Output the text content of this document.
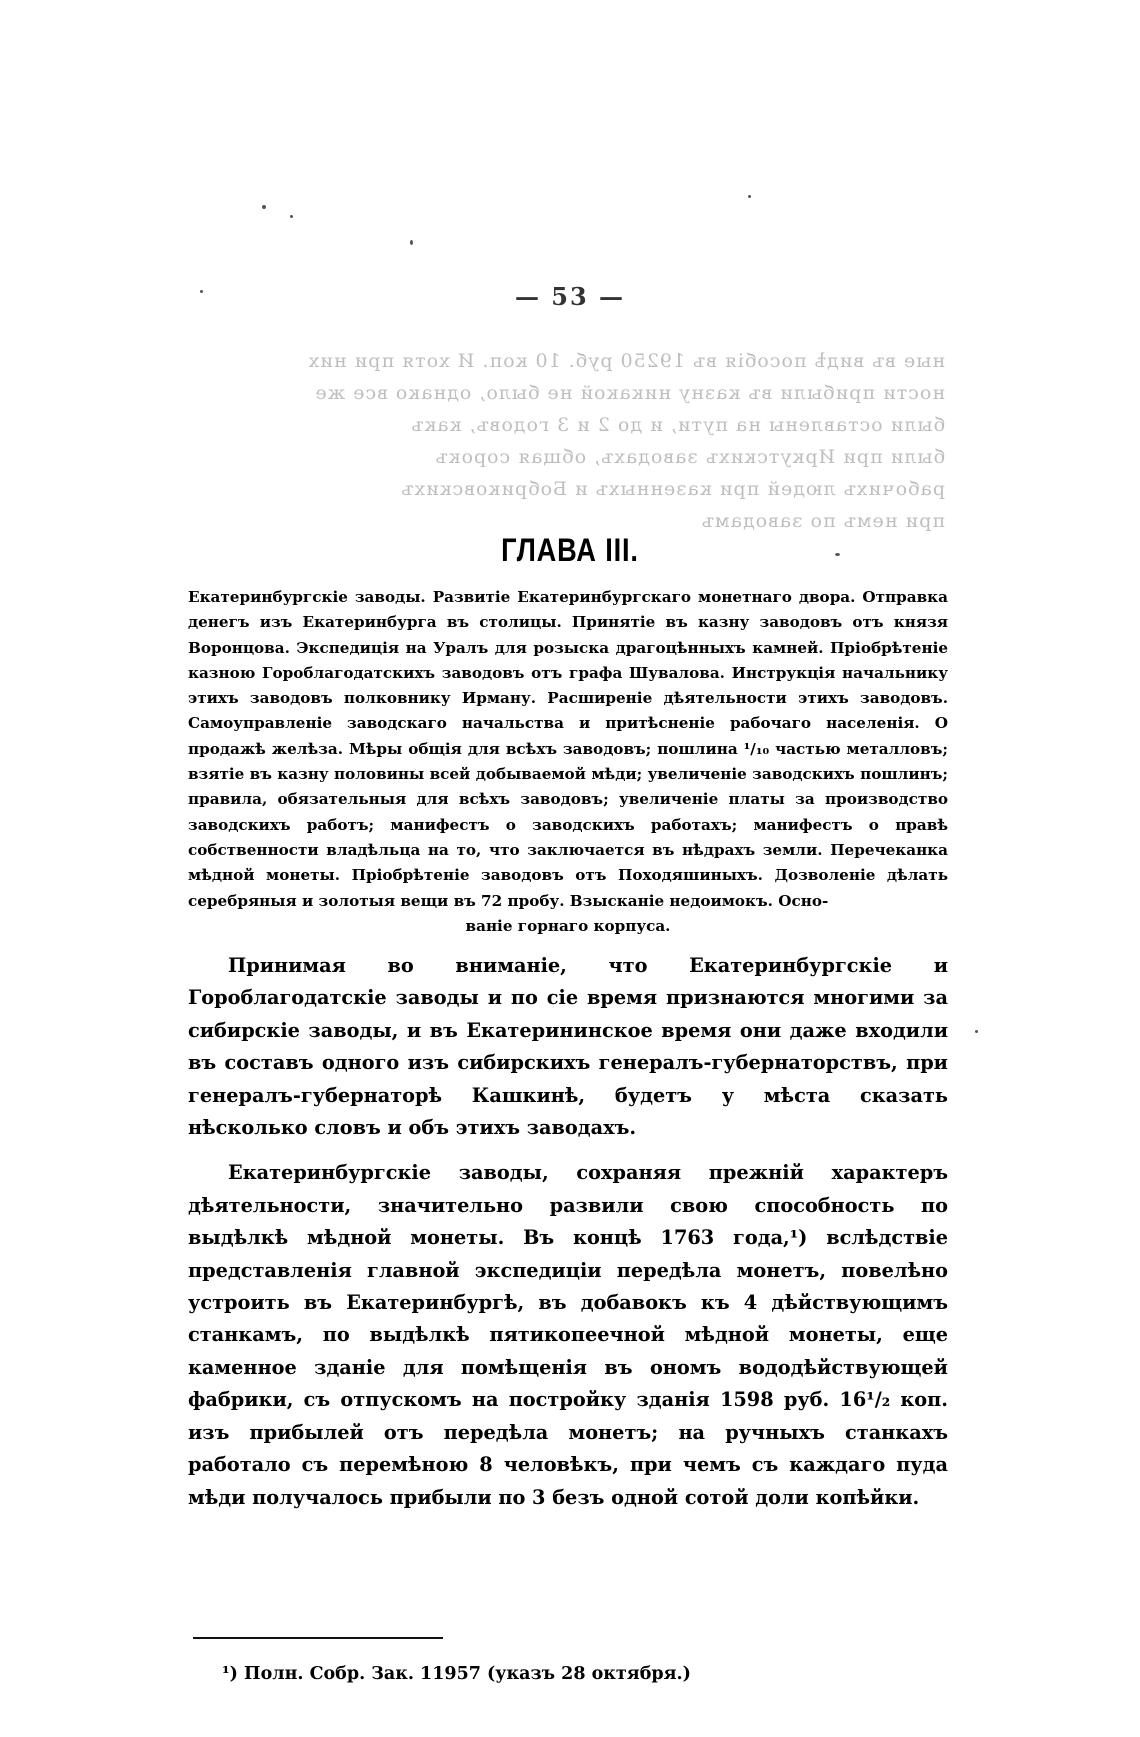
ные въ видѣ пособія въ 19250 руб. 10 коп. И хотя при них

ности прибыли въ казну никакой не было, однако все же

были оставлены на пути, и до 2 и 3 годовъ, какъ

были при Иркутскихъ заводахъ, общая сорокъ

рабочихъ людей при казенныхъ и Бобриковскихъ

при немъ по заводамъ

— 53 —
ГЛАВА III.
Екатеринбургскіе заводы. Развитіе Екатеринбургскаго монетнаго двора. Отправка денегъ изъ Екатеринбурга въ столицы. Принятіе въ казну заводовъ отъ князя Воронцова. Экспедиція на Уралъ для розыска драгоцѣнныхъ камней. Пріобрѣтеніе казною Гороблагодатскихъ заводовъ отъ графа Шувалова. Инструкція начальнику этихъ заводовъ полковнику Ирману. Расширеніе дѣятельности этихъ заводовъ. Самоуправленіе заводскаго начальства и притѣсненіе рабочаго населенія. О продажѣ желѣза. Мѣры общія для всѣхъ заводовъ; пошлина ¹/₁₀ частью металловъ; взятіе въ казну половины всей добываемой мѣди; увеличеніе заводскихъ пошлинъ; правила, обязательныя для всѣхъ заводовъ; увеличеніе платы за производство заводскихъ работъ; манифестъ о заводскихъ работахъ; манифестъ о правѣ собственности владѣльца на то, что заключается въ нѣдрахъ земли. Перечеканка мѣдной монеты. Пріобрѣтеніе заводовъ отъ Походяшиныхъ. Дозволеніе дѣлать серебряныя и золотыя вещи въ 72 пробу. Взысканіе недоимокъ. Осно-
ваніе горнаго корпуса.

Принимая во вниманіе, что Екатеринбургскіе и Гороблагодатскіе заводы и по сіе время признаются многими за сибирскіе заводы, и въ Екатерининское время они даже входили въ составъ одного изъ сибирскихъ генералъ-губернаторствъ, при генералъ-губернаторѣ Кашкинѣ, будетъ у мѣста сказать нѣсколько словъ и объ этихъ заводахъ.

Екатеринбургскіе заводы, сохраняя прежній характеръ дѣятельности, значительно развили свою способность по выдѣлкѣ мѣдной монеты. Въ концѣ 1763 года,¹) вслѣдствіе представленія главной экспедиціи передѣла монетъ, повелѣно устроить въ Екатеринбургѣ, въ добавокъ къ 4 дѣйствующимъ станкамъ, по выдѣлкѣ пятикопеечной мѣдной монеты, еще каменное зданіе для помѣщенія въ ономъ вододѣйствующей фабрики, съ отпускомъ на постройку зданія 1598 руб. 16¹/₂ коп. изъ прибылей отъ передѣла монетъ; на ручныхъ станкахъ работало съ перемѣною 8 человѣкъ, при чемъ съ каждаго пуда мѣди получалось прибыли по 3 безъ одной сотой доли копѣйки.

¹) Полн. Собр. Зак. 11957 (указъ 28 октября.)
